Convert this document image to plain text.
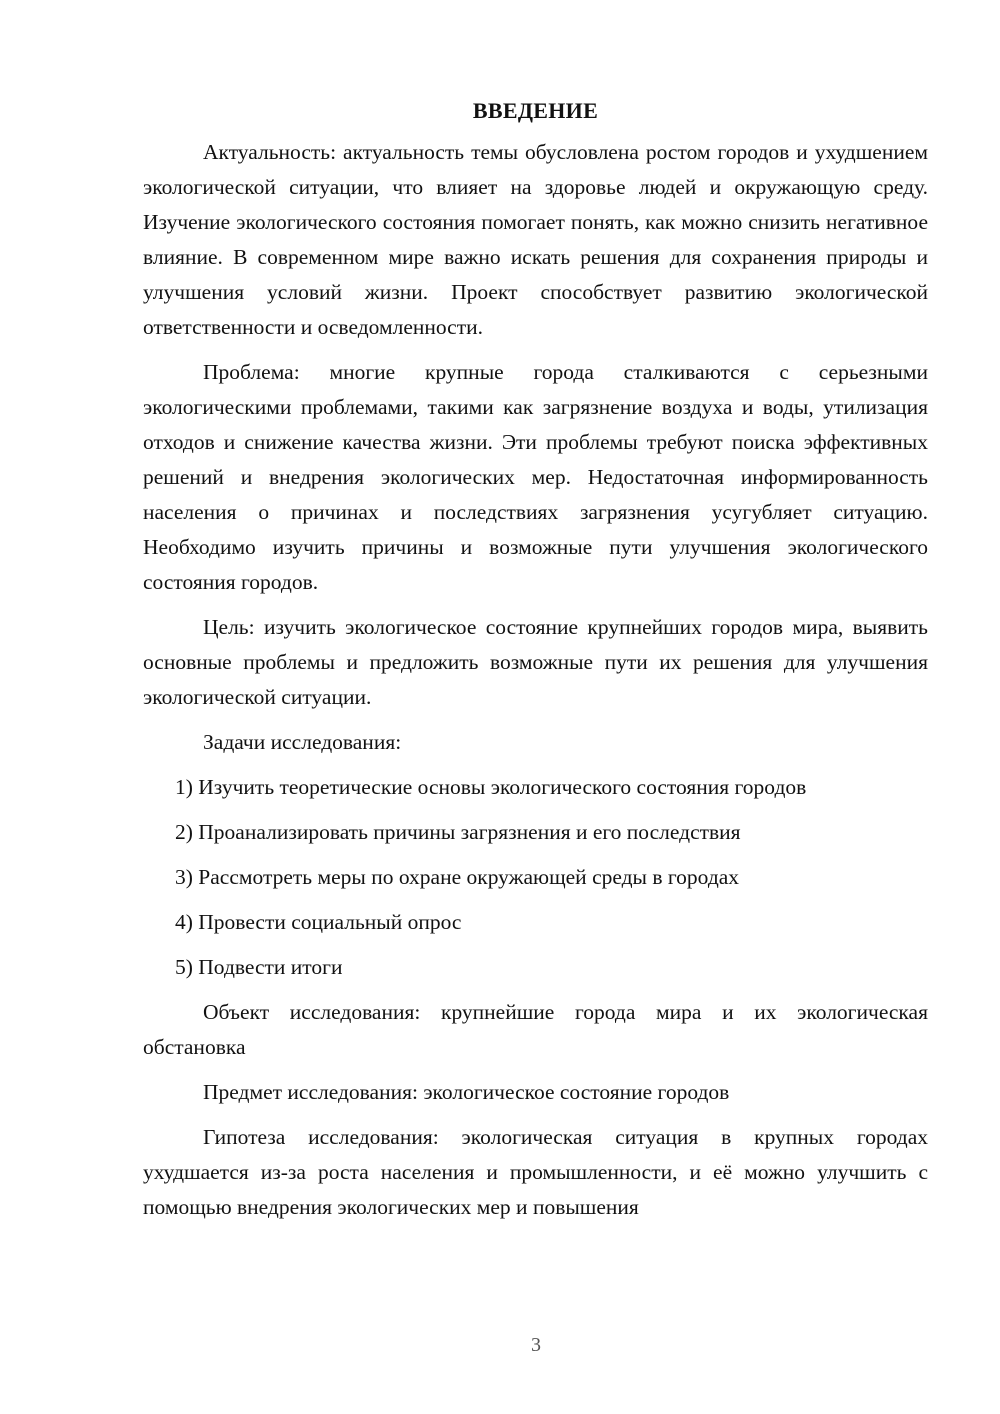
ВВЕДЕНИЕ

Актуальность: актуальность темы обусловлена ростом городов и ухудшением экологической ситуации, что влияет на здоровье людей и окружающую среду. Изучение экологического состояния помогает понять, как можно снизить негативное влияние. В современном мире важно искать решения для сохранения природы и улучшения условий жизни. Проект способствует развитию экологической ответственности и осведомленности.

Проблема: многие крупные города сталкиваются с серьезными экологическими проблемами, такими как загрязнение воздуха и воды, утилизация отходов и снижение качества жизни. Эти проблемы требуют поиска эффективных решений и внедрения экологических мер. Недостаточная информированность населения о причинах и последствиях загрязнения усугубляет ситуацию. Необходимо изучить причины и возможные пути улучшения экологического состояния городов.

Цель: изучить экологическое состояние крупнейших городов мира, выявить основные проблемы и предложить возможные пути их решения для улучшения экологической ситуации.

Задачи исследования:

1) Изучить теоретические основы экологического состояния городов

2) Проанализировать причины загрязнения и его последствия

3) Рассмотреть меры по охране окружающей среды в городах

4) Провести социальный опрос

5) Подвести итоги

Объект исследования: крупнейшие города мира и их экологическая обстановка

Предмет исследования: экологическое состояние городов

Гипотеза исследования: экологическая ситуация в крупных городах ухудшается из-за роста населения и промышленности, и её можно улучшить с помощью внедрения экологических мер и повышения

3
